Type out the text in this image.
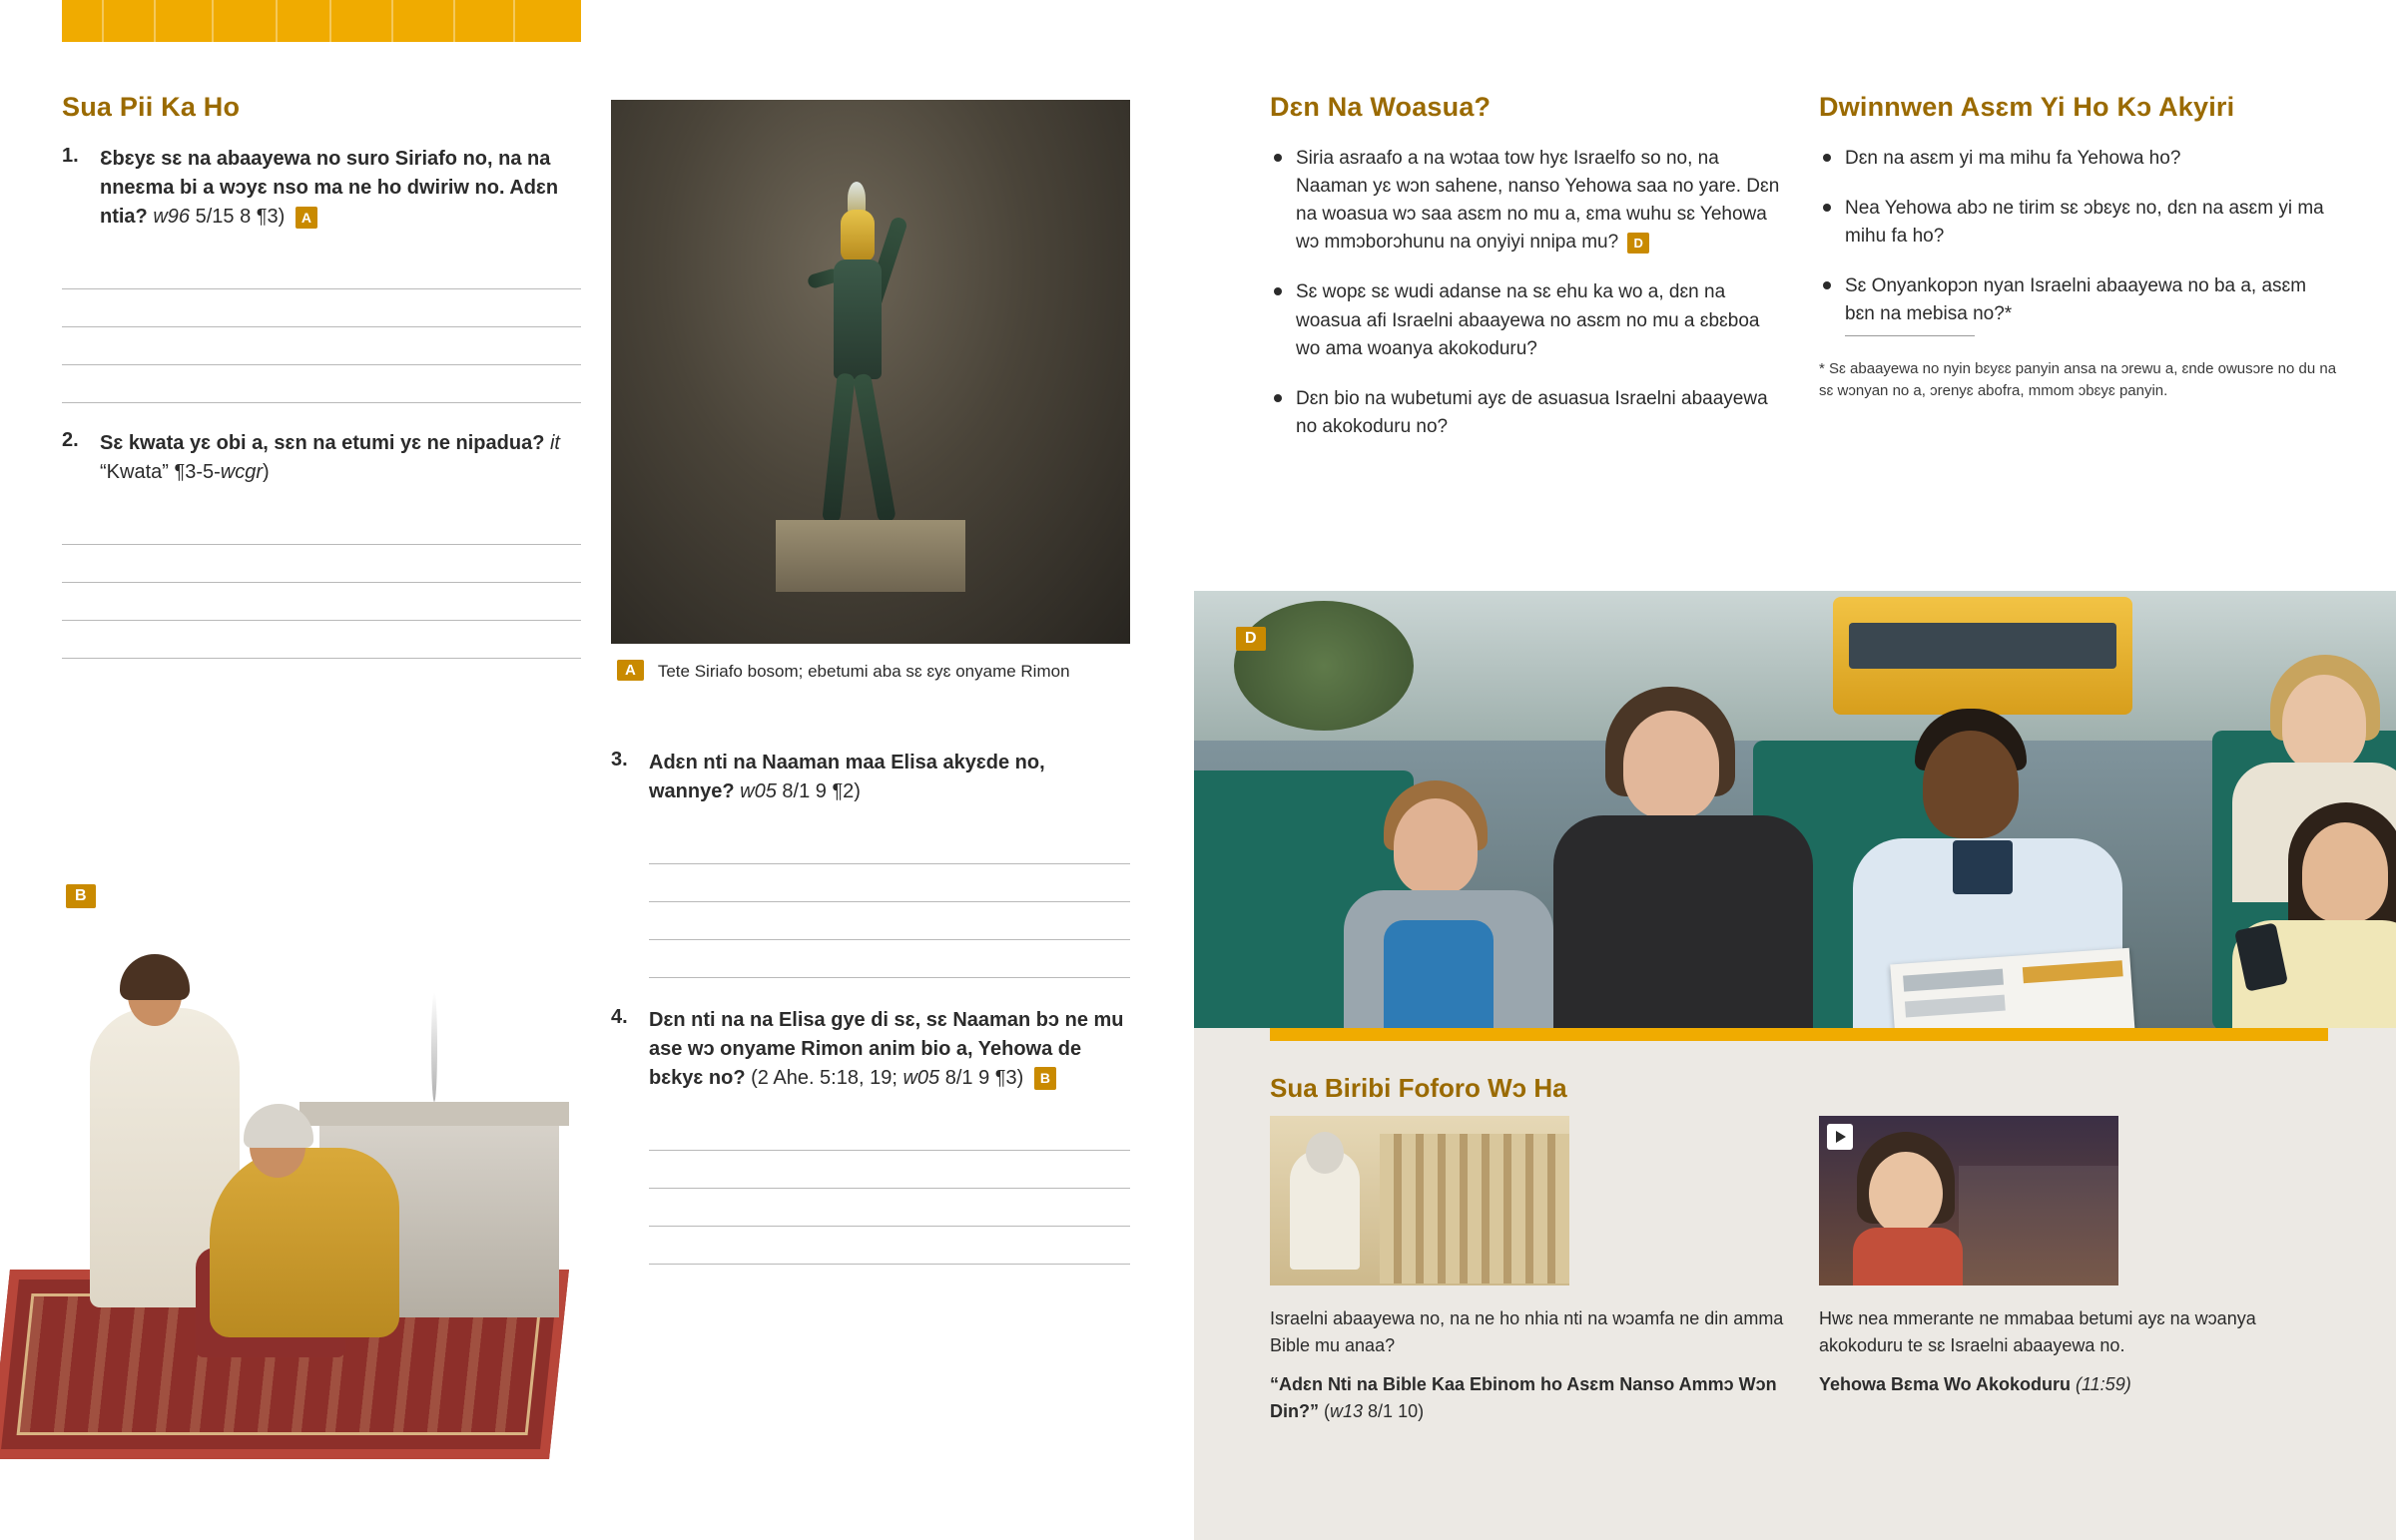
Sua Pii Ka Ho
1.	Ɛbɛyɛ sɛ na abaayewa no suro Siriafo no, na na nneɛma bi a wɔyɛ nso ma ne ho dwiriw no. Adɛn ntia? w96 5/15 8 ¶3) A
2.	Sɛ kwata yɛ obi a, sɛn na etumi yɛ ne nipadua? it “Kwata” ¶3-5-wcgr)
B
A	Tete Siriafo bosom; ebetumi aba sɛ ɛyɛ onyame Rimon
3.	Adɛn nti na Naaman maa Elisa akyɛde no, wannye? w05 8/1 9 ¶2)
4.	Dɛn nti na na Elisa gye di sɛ, sɛ Naaman bɔ ne mu ase wɔ onyame Rimon anim bio a, Yehowa de bɛkyɛ no? (2 Ahe. 5:18, 19; w05 8/1 9 ¶3) B
Dɛn Na Woasua?
Siria asraafo a na wɔtaa tow hyɛ Israelfo so no, na Naaman yɛ wɔn sahene, nanso Yehowa saa no yare. Dɛn na woasua wɔ saa asɛm no mu a, ɛma wuhu sɛ Yehowa wɔ mmɔborɔhunu na onyiyi nnipa mu? D
Sɛ wopɛ sɛ wudi adanse na sɛ ehu ka wo a, dɛn na woasua afi Israelni abaayewa no asɛm no mu a ɛbɛboa wo ama woanya akokoduru?
Dɛn bio na wubetumi ayɛ de asuasua Israelni abaayewa no akokoduru no?
Dwinnwen Asɛm Yi Ho Kɔ Akyiri
Dɛn na asɛm yi ma mihu fa Yehowa ho?
Nea Yehowa abɔ ne tirim sɛ ɔbɛyɛ no, dɛn na asɛm yi ma mihu fa ho?
Sɛ Onyankopɔn nyan Israelni abaayewa no ba a, asɛm bɛn na mebisa no?*
* Sɛ abaayewa no nyin bɛyɛɛ panyin ansa na ɔrewu a, ɛnde owusɔre no du na sɛ wɔnyan no a, ɔrenyɛ abofra, mmom ɔbɛyɛ panyin.
D
Sua Biribi Foforo Wɔ Ha
Israelni abaayewa no, na ne ho nhia nti na wɔamfa ne din amma Bible mu anaa?
“Adɛn Nti na Bible Kaa Ebinom ho Asɛm Nanso Ammɔ Wɔn Din?” (w13 8/1 10)
Hwɛ nea mmerante ne mmabaa betumi ayɛ na wɔanya akokoduru te sɛ Israelni abaayewa no.
Yehowa Bɛma Wo Akokoduru (11:59)
